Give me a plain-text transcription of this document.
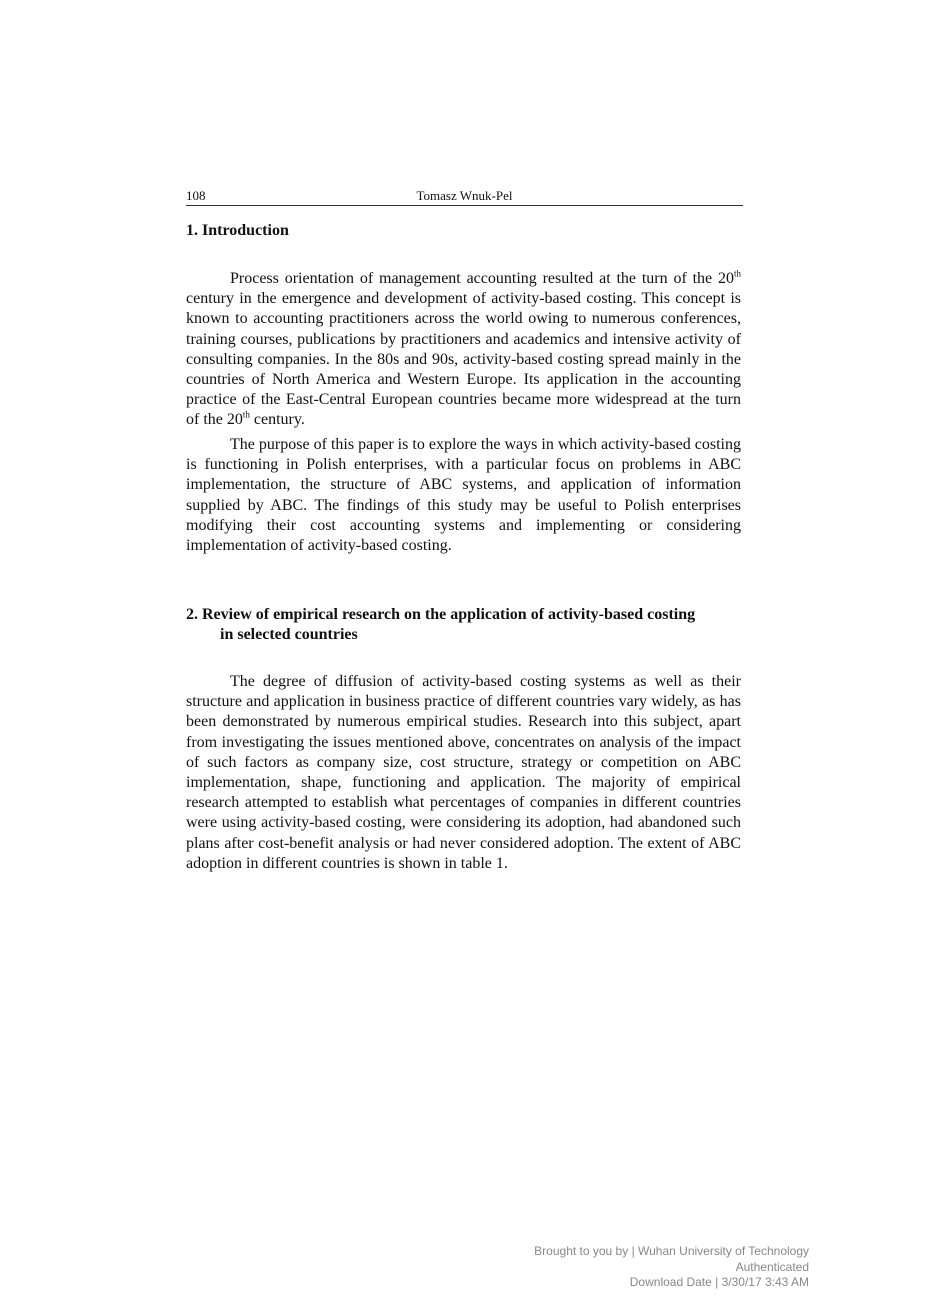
108	Tomasz Wnuk-Pel
1. Introduction

Process orientation of management accounting resulted at the turn of the 20th century in the emergence and development of activity-based costing. This concept is known to accounting practitioners across the world owing to numerous conferences, training courses, publications by practitioners and academics and intensive activity of consulting companies. In the 80s and 90s, activity-based costing spread mainly in the countries of North America and Western Europe. Its application in the accounting practice of the East-Central European countries became more widespread at the turn of the 20th century.

The purpose of this paper is to explore the ways in which activity-based costing is functioning in Polish enterprises, with a particular focus on problems in ABC implementation, the structure of ABC systems, and application of information supplied by ABC. The findings of this study may be useful to Polish enterprises modifying their cost accounting systems and implementing or considering implementation of activity-based costing.

2. Review of empirical research on the application of activity-based costing
in selected countries

The degree of diffusion of activity-based costing systems as well as their structure and application in business practice of different countries vary widely, as has been demonstrated by numerous empirical studies. Research into this subject, apart from investigating the issues mentioned above, concentrates on analysis of the impact of such factors as company size, cost structure, strategy or competition on ABC implementation, shape, functioning and application. The majority of empirical research attempted to establish what percentages of companies in different countries were using activity-based costing, were considering its adoption, had abandoned such plans after cost-benefit analysis or had never considered adoption. The extent of ABC adoption in different countries is shown in table 1.

Brought to you by | Wuhan University of Technology
Authenticated
Download Date | 3/30/17 3:43 AM
